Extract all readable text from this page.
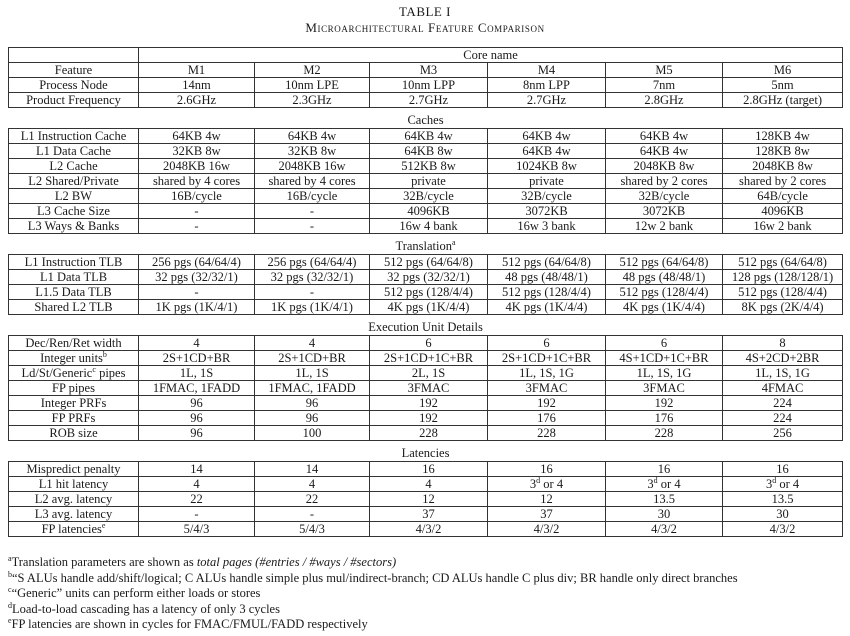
TABLE I
Microarchitectural Feature Comparison
	Core name					
Feature	M1	M2	M3	M4	M5	M6
Process Node	14nm	10nm LPE	10nm LPP	8nm LPP	7nm	5nm
Product Frequency	2.6GHz	2.3GHz	2.7GHz	2.7GHz	2.8GHz	2.8GHz (target)

Caches						
L1 Instruction Cache	64KB 4w	64KB 4w	64KB 4w	64KB 4w	64KB 4w	128KB 4w
L1 Data Cache	32KB 8w	32KB 8w	64KB 8w	64KB 4w	64KB 4w	128KB 8w
L2 Cache	2048KB 16w	2048KB 16w	512KB 8w	1024KB 8w	2048KB 8w	2048KB 8w
L2 Shared/Private	shared by 4 cores	shared by 4 cores	private	private	shared by 2 cores	shared by 2 cores
L2 BW	16B/cycle	16B/cycle	32B/cycle	32B/cycle	32B/cycle	64B/cycle
L3 Cache Size	-	-	4096KB	3072KB	3072KB	4096KB
L3 Ways & Banks	-	-	16w 4 bank	16w 3 bank	12w 2 bank	16w 2 bank

Translation$^a$
L1 Instruction TLB	256 pgs (64/64/4)	256 pgs (64/64/4)	512 pgs (64/64/8)	512 pgs (64/64/8)	512 pgs (64/64/8)	512 pgs (64/64/8)
L1 Data TLB	32 pgs (32/32/1)	32 pgs (32/32/1)	32 pgs (32/32/1)	48 pgs (48/48/1)	48 pgs (48/48/1)	128 pgs (128/128/1)
L1.5 Data TLB	-	-	512 pgs (128/4/4)	512 pgs (128/4/4)	512 pgs (128/4/4)	512 pgs (128/4/4)
Shared L2 TLB	1K pgs (1K/4/1)	1K pgs (1K/4/1)	4K pgs (1K/4/4)	4K pgs (1K/4/4)	4K pgs (1K/4/4)	8K pgs (2K/4/4)

Execution Unit Details						
Dec/Ren/Ret width	4	4	6	6	6	8
Integer units$^b$	2S+1CD+BR	2S+1CD+BR	2S+1CD+1C+BR	2S+1CD+1C+BR	4S+1CD+1C+BR	4S+2CD+2BR
Ld/St/Generic$^c$ pipes	1L, 1S	1L, 1S	2L, 1S	1L, 1S, 1G	1L, 1S, 1G	1L, 1S, 1G
FP pipes	1FMAC, 1FADD	1FMAC, 1FADD	3FMAC	3FMAC	3FMAC	4FMAC
Integer PRFs	96	96	192	192	192	224
FP PRFs	96	96	192	176	176	224
ROB size	96	100	228	228	228	256

Latencies						
Mispredict penalty	14	14	16	16	16	16
L1 hit latency	4	4	4	3$^d$ or 4	3$^d$ or 4	3$^d$ or 4
L2 avg. latency	22	22	12	12	13.5	13.5
L3 avg. latency	-	-	37	37	30	30
FP latencies$^e$	5/4/3	5/4/3	4/3/2	4/3/2	4/3/2	4/3/2
$^a$Translation parameters are shown as total pages (#entries / #ways / #sectors)
$^b$“S ALUs handle add/shift/logical; C ALUs handle simple plus mul/indirect-branch; CD ALUs handle C plus div; BR handle only direct branches
$^c$“Generic” units can perform either loads or stores
$^d$Load-to-load cascading has a latency of only 3 cycles
$^e$FP latencies are shown in cycles for FMAC/FMUL/FADD respectively
